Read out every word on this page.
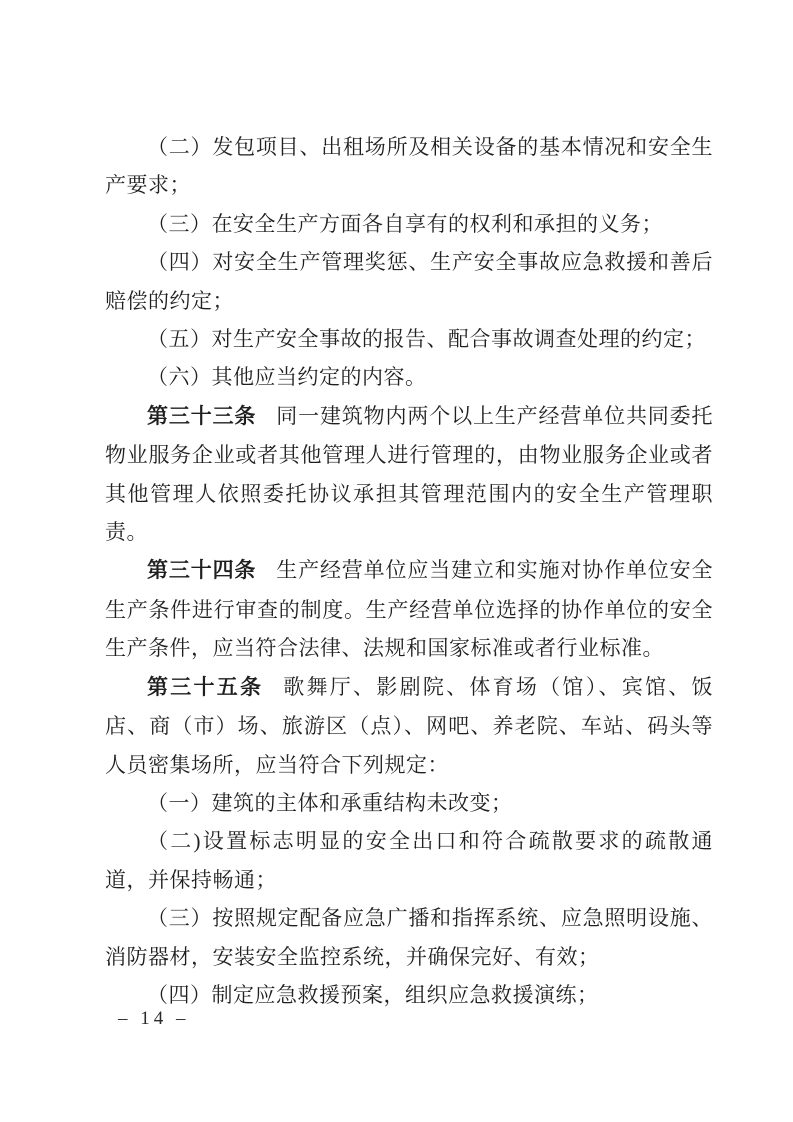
（二）发包项目、出租场所及相关设备的基本情况和安全生产要求；

（三）在安全生产方面各自享有的权利和承担的义务；

（四）对安全生产管理奖惩、生产安全事故应急救援和善后赔偿的约定；

（五）对生产安全事故的报告、配合事故调查处理的约定；

（六）其他应当约定的内容。

第三十三条 同一建筑物内两个以上生产经营单位共同委托物业服务企业或者其他管理人进行管理的，由物业服务企业或者其他管理人依照委托协议承担其管理范围内的安全生产管理职责。

第三十四条 生产经营单位应当建立和实施对协作单位安全生产条件进行审查的制度。生产经营单位选择的协作单位的安全生产条件，应当符合法律、法规和国家标准或者行业标准。

第三十五条 歌舞厅、影剧院、体育场（馆）、宾馆、饭店、商（市）场、旅游区（点）、网吧、养老院、车站、码头等人员密集场所，应当符合下列规定：

（一）建筑的主体和承重结构未改变；

（二)设置标志明显的安全出口和符合疏散要求的疏散通道，并保持畅通；

（三）按照规定配备应急广播和指挥系统、应急照明设施、消防器材，安装安全监控系统，并确保完好、有效；

（四）制定应急救援预案，组织应急救援演练；

– 14 –
